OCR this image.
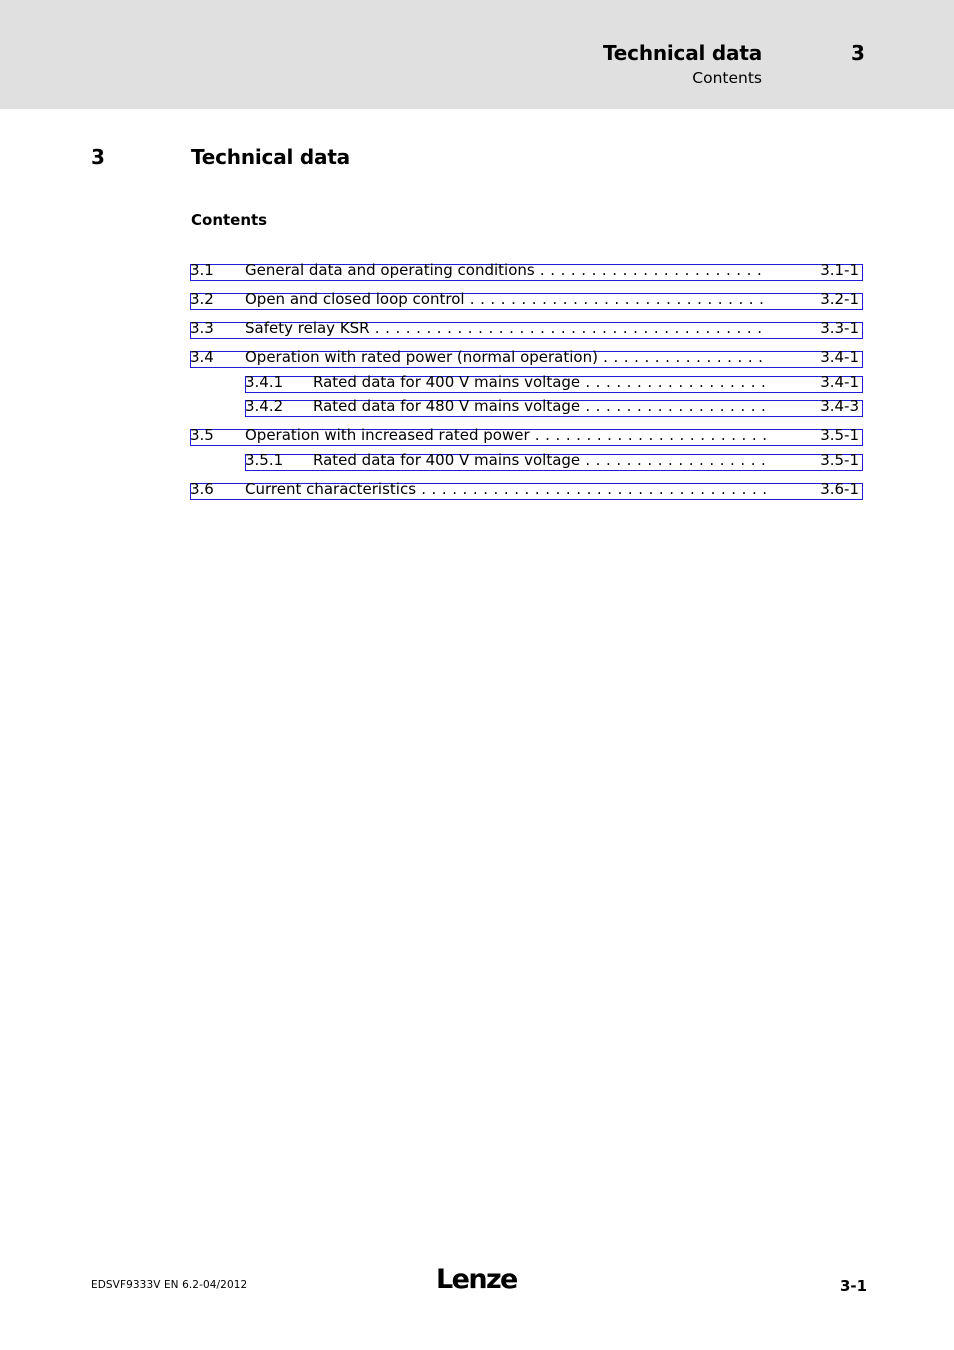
Technical data	3
Contents
3	Technical data
Contents
3.1 General data and operating conditions . . .	3.1-1
3.2 Open and closed loop control . . .	3.2-1
3.3 Safety relay KSR . . .	3.3-1
3.4 Operation with rated power (normal operation) . . .	3.4-1
3.4.1 Rated data for 400 V mains voltage . . .	3.4-1
3.4.2 Rated data for 480 V mains voltage . . .	3.4-3
3.5 Operation with increased rated power . . .	3.5-1
3.5.1 Rated data for 400 V mains voltage . . .	3.5-1
3.6 Current characteristics . . .	3.6-1
EDSVF9333V EN 6.2-04/2012	Lenze	3-1
